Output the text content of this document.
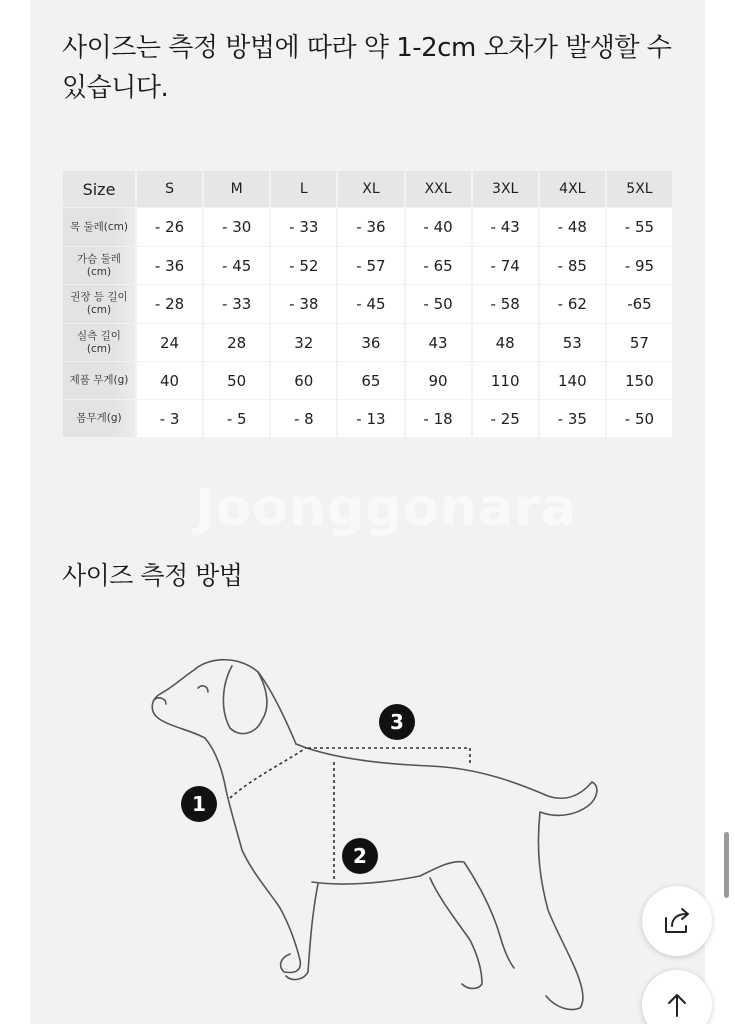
사이즈는 측정 방법에 따라 약 1-2cm 오차가 발생할 수 있습니다.
Size	S	M	L	XL	XXL	3XL	4XL	5XL
목 둘레(cm)	- 26	- 30	- 33	- 36	- 40	- 43	- 48	- 55
가슴 둘레(cm)	- 36	- 45	- 52	- 57	- 65	- 74	- 85	- 95
권장 등 길이 (cm)	- 28	- 33	- 38	- 45	- 50	- 58	- 62	-65
실측 길이(cm)	24	28	32	36	43	48	53	57
제품 무게(g)	40	50	60	65	90	110	140	150
몸무게(g)	- 3	- 5	- 8	- 13	- 18	- 25	- 35	- 50
Joonggonara
사이즈 측정 방법
1
2
3
